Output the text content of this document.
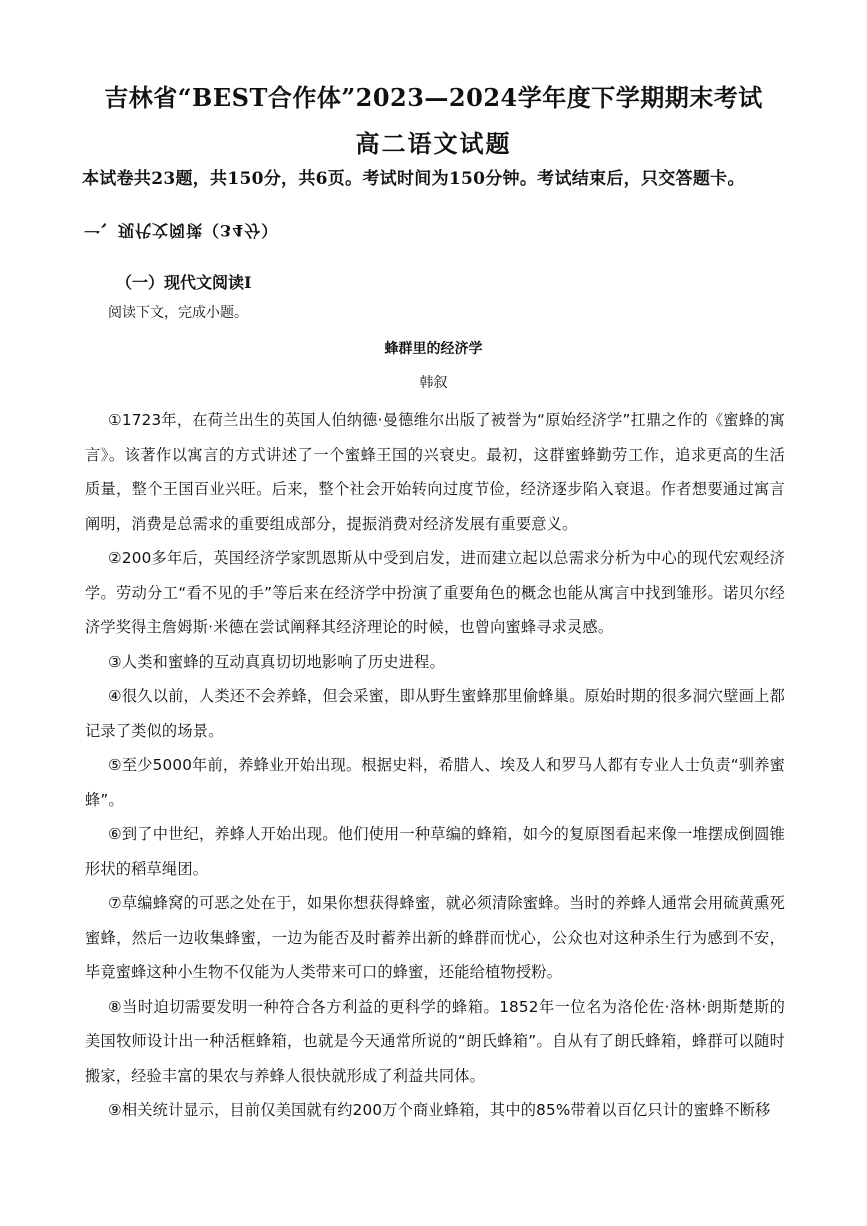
吉林省“BEST合作体”2023—2024学年度下学期期末考试
高二语文试题
本试卷共23题，共150分，共6页。考试时间为150分钟。考试结束后，只交答题卡。
一、现代文阅读（34分）
（一）现代文阅读Ⅰ
阅读下文，完成小题。
蜂群里的经济学
韩叙

①1723年，在荷兰出生的英国人伯纳德·曼德维尔出版了被誉为“原始经济学”扛鼎之作的《蜜蜂的寓言》。该著作以寓言的方式讲述了一个蜜蜂王国的兴衰史。最初，这群蜜蜂勤劳工作，追求更高的生活质量，整个王国百业兴旺。后来，整个社会开始转向过度节俭，经济逐步陷入衰退。作者想要通过寓言阐明，消费是总需求的重要组成部分，提振消费对经济发展有重要意义。

②200多年后，英国经济学家凯恩斯从中受到启发，进而建立起以总需求分析为中心的现代宏观经济学。劳动分工“看不见的手”等后来在经济学中扮演了重要角色的概念也能从寓言中找到雏形。诺贝尔经济学奖得主詹姆斯·米德在尝试阐释其经济理论的时候，也曾向蜜蜂寻求灵感。

③人类和蜜蜂的互动真真切切地影响了历史进程。

④很久以前，人类还不会养蜂，但会采蜜，即从野生蜜蜂那里偷蜂巢。原始时期的很多洞穴壁画上都记录了类似的场景。

⑤至少5000年前，养蜂业开始出现。根据史料，希腊人、埃及人和罗马人都有专业人士负责“驯养蜜蜂”。

⑥到了中世纪，养蜂人开始出现。他们使用一种草编的蜂箱，如今的复原图看起来像一堆摆成倒圆锥形状的稻草绳团。

⑦草编蜂窝的可恶之处在于，如果你想获得蜂蜜，就必须清除蜜蜂。当时的养蜂人通常会用硫黄熏死蜜蜂，然后一边收集蜂蜜，一边为能否及时蓄养出新的蜂群而忧心，公众也对这种杀生行为感到不安，毕竟蜜蜂这种小生物不仅能为人类带来可口的蜂蜜，还能给植物授粉。

⑧当时迫切需要发明一种符合各方利益的更科学的蜂箱。1852年一位名为洛伦佐·洛林·朗斯楚斯的美国牧师设计出一种活框蜂箱，也就是今天通常所说的“朗氏蜂箱”。自从有了朗氏蜂箱，蜂群可以随时搬家，经验丰富的果农与养蜂人很快就形成了利益共同体。

⑨相关统计显示，目前仅美国就有约200万个商业蜂箱，其中的85%带着以百亿只计的蜜蜂不断移
